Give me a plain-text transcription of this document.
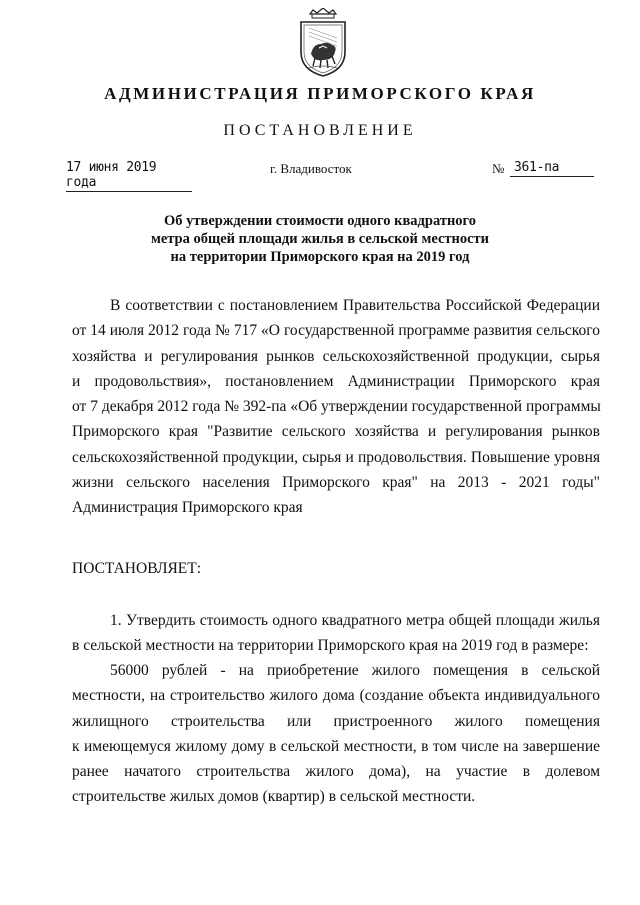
АДМИНИСТРАЦИЯ ПРИМОРСКОГО КРАЯ
ПОСТАНОВЛЕНИЕ
17 июня 2019 года
г. Владивосток	№ 361-па
Об утверждении стоимости одного квадратного
метра общей площади жилья в сельской местности
на территории Приморского края на 2019 год
В соответствии с постановлением Правительства Российской Федерации
от 14 июля 2012 года № 717 «О государственной программе развития сельского
хозяйства и регулирования рынков сельскохозяйственной продукции, сырья
и продовольствия», постановлением Администрации Приморского края
от 7 декабря 2012 года № 392-па «Об утверждении государственной программы
Приморского края "Развитие сельского хозяйства и регулирования рынков
сельскохозяйственной продукции, сырья и продовольствия. Повышение уровня
жизни сельского населения Приморского края" на 2013 - 2021 годы"
Администрация Приморского края
ПОСТАНОВЛЯЕТ:
1. Утвердить стоимость одного квадратного метра общей площади жилья
в сельской местности на территории Приморского края на 2019 год в размере:
56000 рублей - на приобретение жилого помещения в сельской
местности, на строительство жилого дома (создание объекта индивидуального
жилищного строительства или пристроенного жилого помещения
к имеющемуся жилому дому в сельской местности, в том числе на завершение
ранее начатого строительства жилого дома), на участие в долевом
строительстве жилых домов (квартир) в сельской местности.
